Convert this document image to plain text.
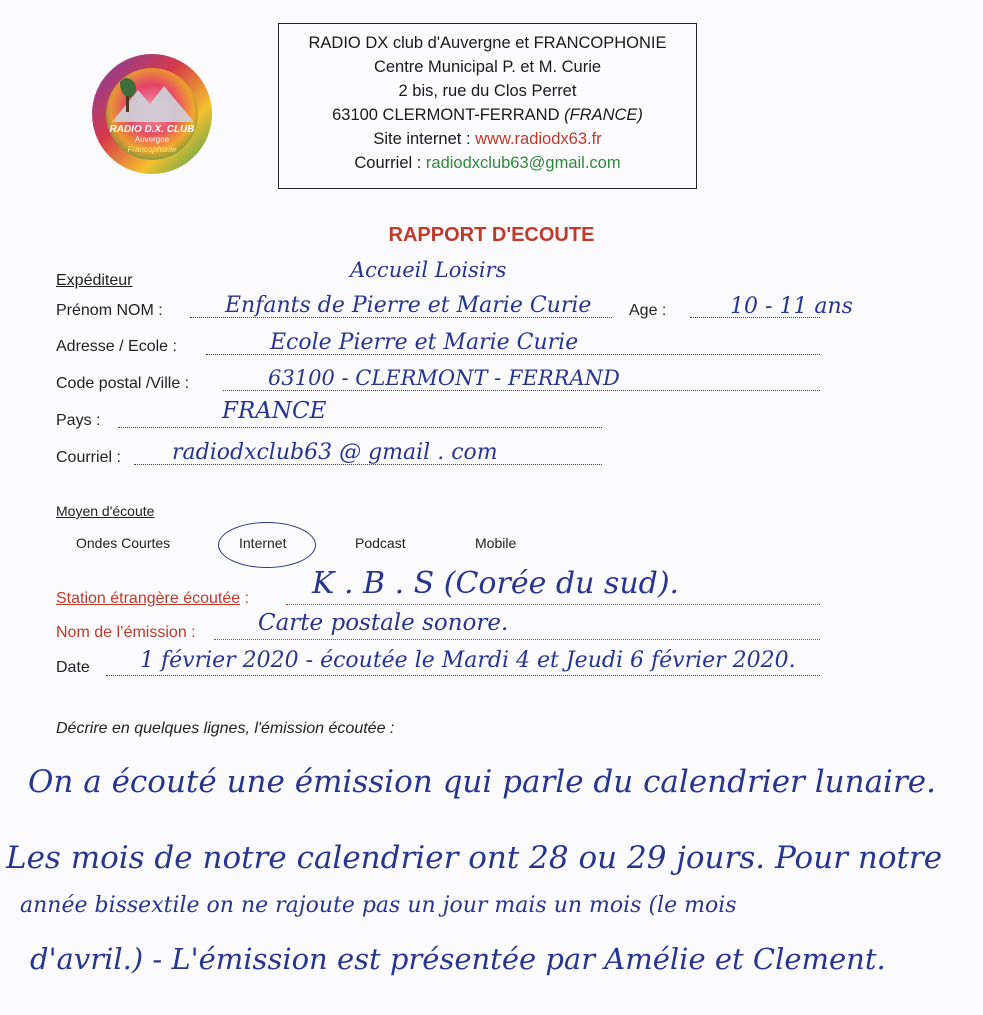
RADIO D.X. CLUB
Auvergne
Francophonie
RADIO DX club d'Auvergne et FRANCOPHONIE
Centre Municipal P. et M. Curie
2 bis, rue du Clos Perret
63100 CLERMONT-FERRAND (FRANCE)
Site internet : www.radiodx63.fr
Courriel : radiodxclub63@gmail.com
RAPPORT D'ECOUTE
Expéditeur	Accueil Loisirs
Prénom NOM :	Enfants de Pierre et Marie Curie Age :	10 - 11 ans
Adresse / Ecole :	Ecole Pierre et Marie Curie
Code postal /Ville :	63100 - CLERMONT - FERRAND
Pays :	FRANCE
Courriel : radiodxclub63 @ gmail . com
Moyen d'écoute
Ondes Courtes	Internet	Podcast	Mobile
Station étrangère écoutée : K . B . S (Corée du sud).
Nom de l’émission :	Carte postale sonore.
Date 1 février 2020 - écoutée le Mardi 4 et Jeudi 6 février 2020.
Décrire en quelques lignes, l'émission écoutée :
On a écouté une émission qui parle du calendrier lunaire.
Les mois de notre calendrier ont 28 ou 29 jours. Pour notre
année bissextile on ne rajoute pas un jour mais un mois (le mois
d'avril.) - L'émission est présentée par Amélie et Clement.
